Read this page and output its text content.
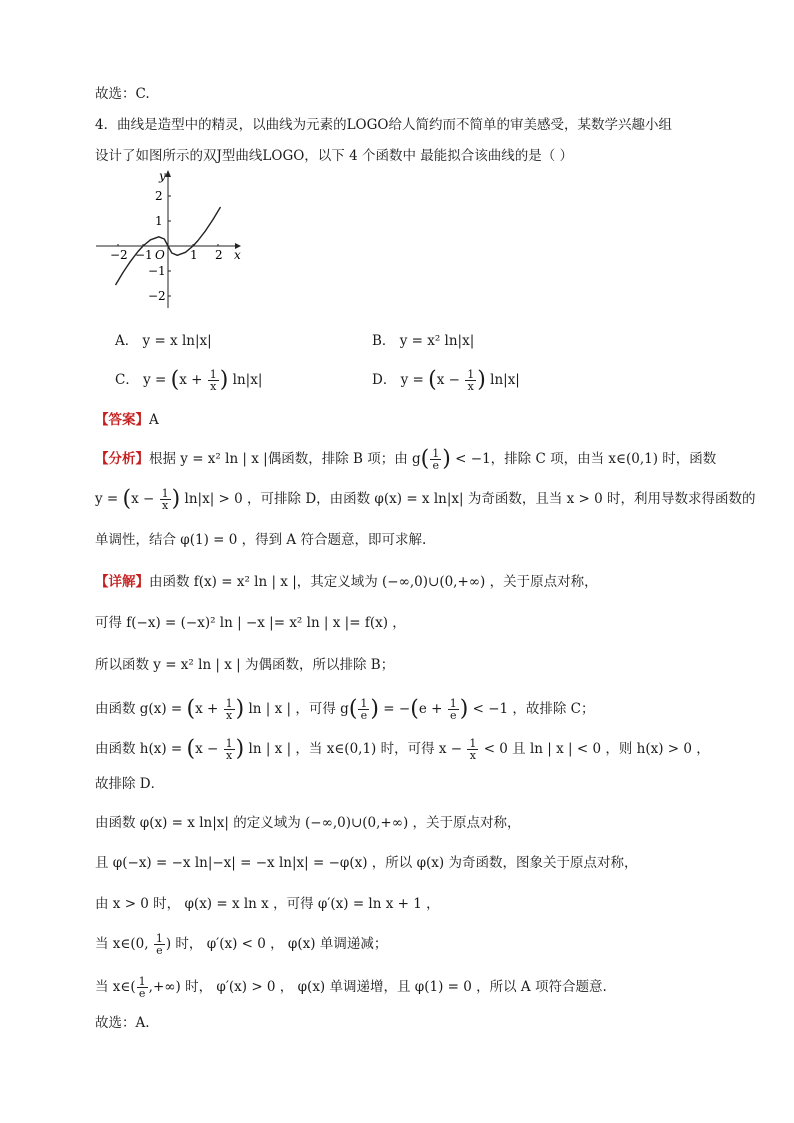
故选：C.
4．曲线是造型中的精灵，以曲线为元素的LOGO给人简约而不简单的审美感受，某数学兴趣小组
设计了如图所示的双J型曲线LOGO，以下 4 个函数中 最能拟合该曲线的是（ ）
x
y
O
−2 −1	1 2
2
1
−1
−2
A． y = x ln|x|	B． y = x² ln|x|
C． $y = (x + \frac{1}{x}$ ) ln|x|	D． $y = (x - \frac{1}{x}$ ) ln|x|
【答案】A
【分析】根据 y = x² ln | x |偶函数，排除 B 项；由 $g( \frac{1}{e}$ ) < −1，排除 C 项，由当 x∈(0,1) 时，函数
$y = (x - \frac{1}{x}$ ) ln|x| > 0 ，可排除 D，由函数 φ(x) = x ln|x| 为奇函数，且当 x > 0 时，利用导数求得函数的
单调性，结合 φ(1) = 0 ，得到 A 符合题意，即可求解.
【详解】由函数 f(x) = x² ln | x |，其定义域为 (−∞,0)∪(0,+∞) ，关于原点对称，
可得 f(−x) = (−x)² ln | −x |= x² ln | x |= f(x) ，
所以函数 y = x² ln | x | 为偶函数，所以排除 B；
由函数 $g(x) = (x + \frac{1}{x}$ ) ln | x | ，可得 $g( \frac{1}{e}$ ) = $-(e + \frac{1}{e}$ ) < −1 ，故排除 C；
由函数 $h(x) = (x - \frac{1}{x}$ ) ln | x | ，当 x∈(0,1) 时，可得 $x - \frac{1}{x} < 0$ 且 ln | x | < 0 ，则 h(x) > 0 ，
故排除 D．
由函数 φ(x) = x ln|x| 的定义域为 (−∞,0)∪(0,+∞) ，关于原点对称，
且 φ(−x) = −x ln|−x| = −x ln|x| = −φ(x) ，所以 φ(x) 为奇函数，图象关于原点对称，
由 x > 0 时， φ(x) = x ln x ，可得 φ′(x) = ln x + 1 ，
当 x∈(0, $\frac{1}{e}$ ) 时， φ′(x) < 0 ， φ(x) 单调递减；
当 x∈( $\frac{1}{e}$ ,+∞) 时， φ′(x) > 0 ， φ(x) 单调递增，且 φ(1) = 0 ，所以 A 项符合题意.
故选：A.
